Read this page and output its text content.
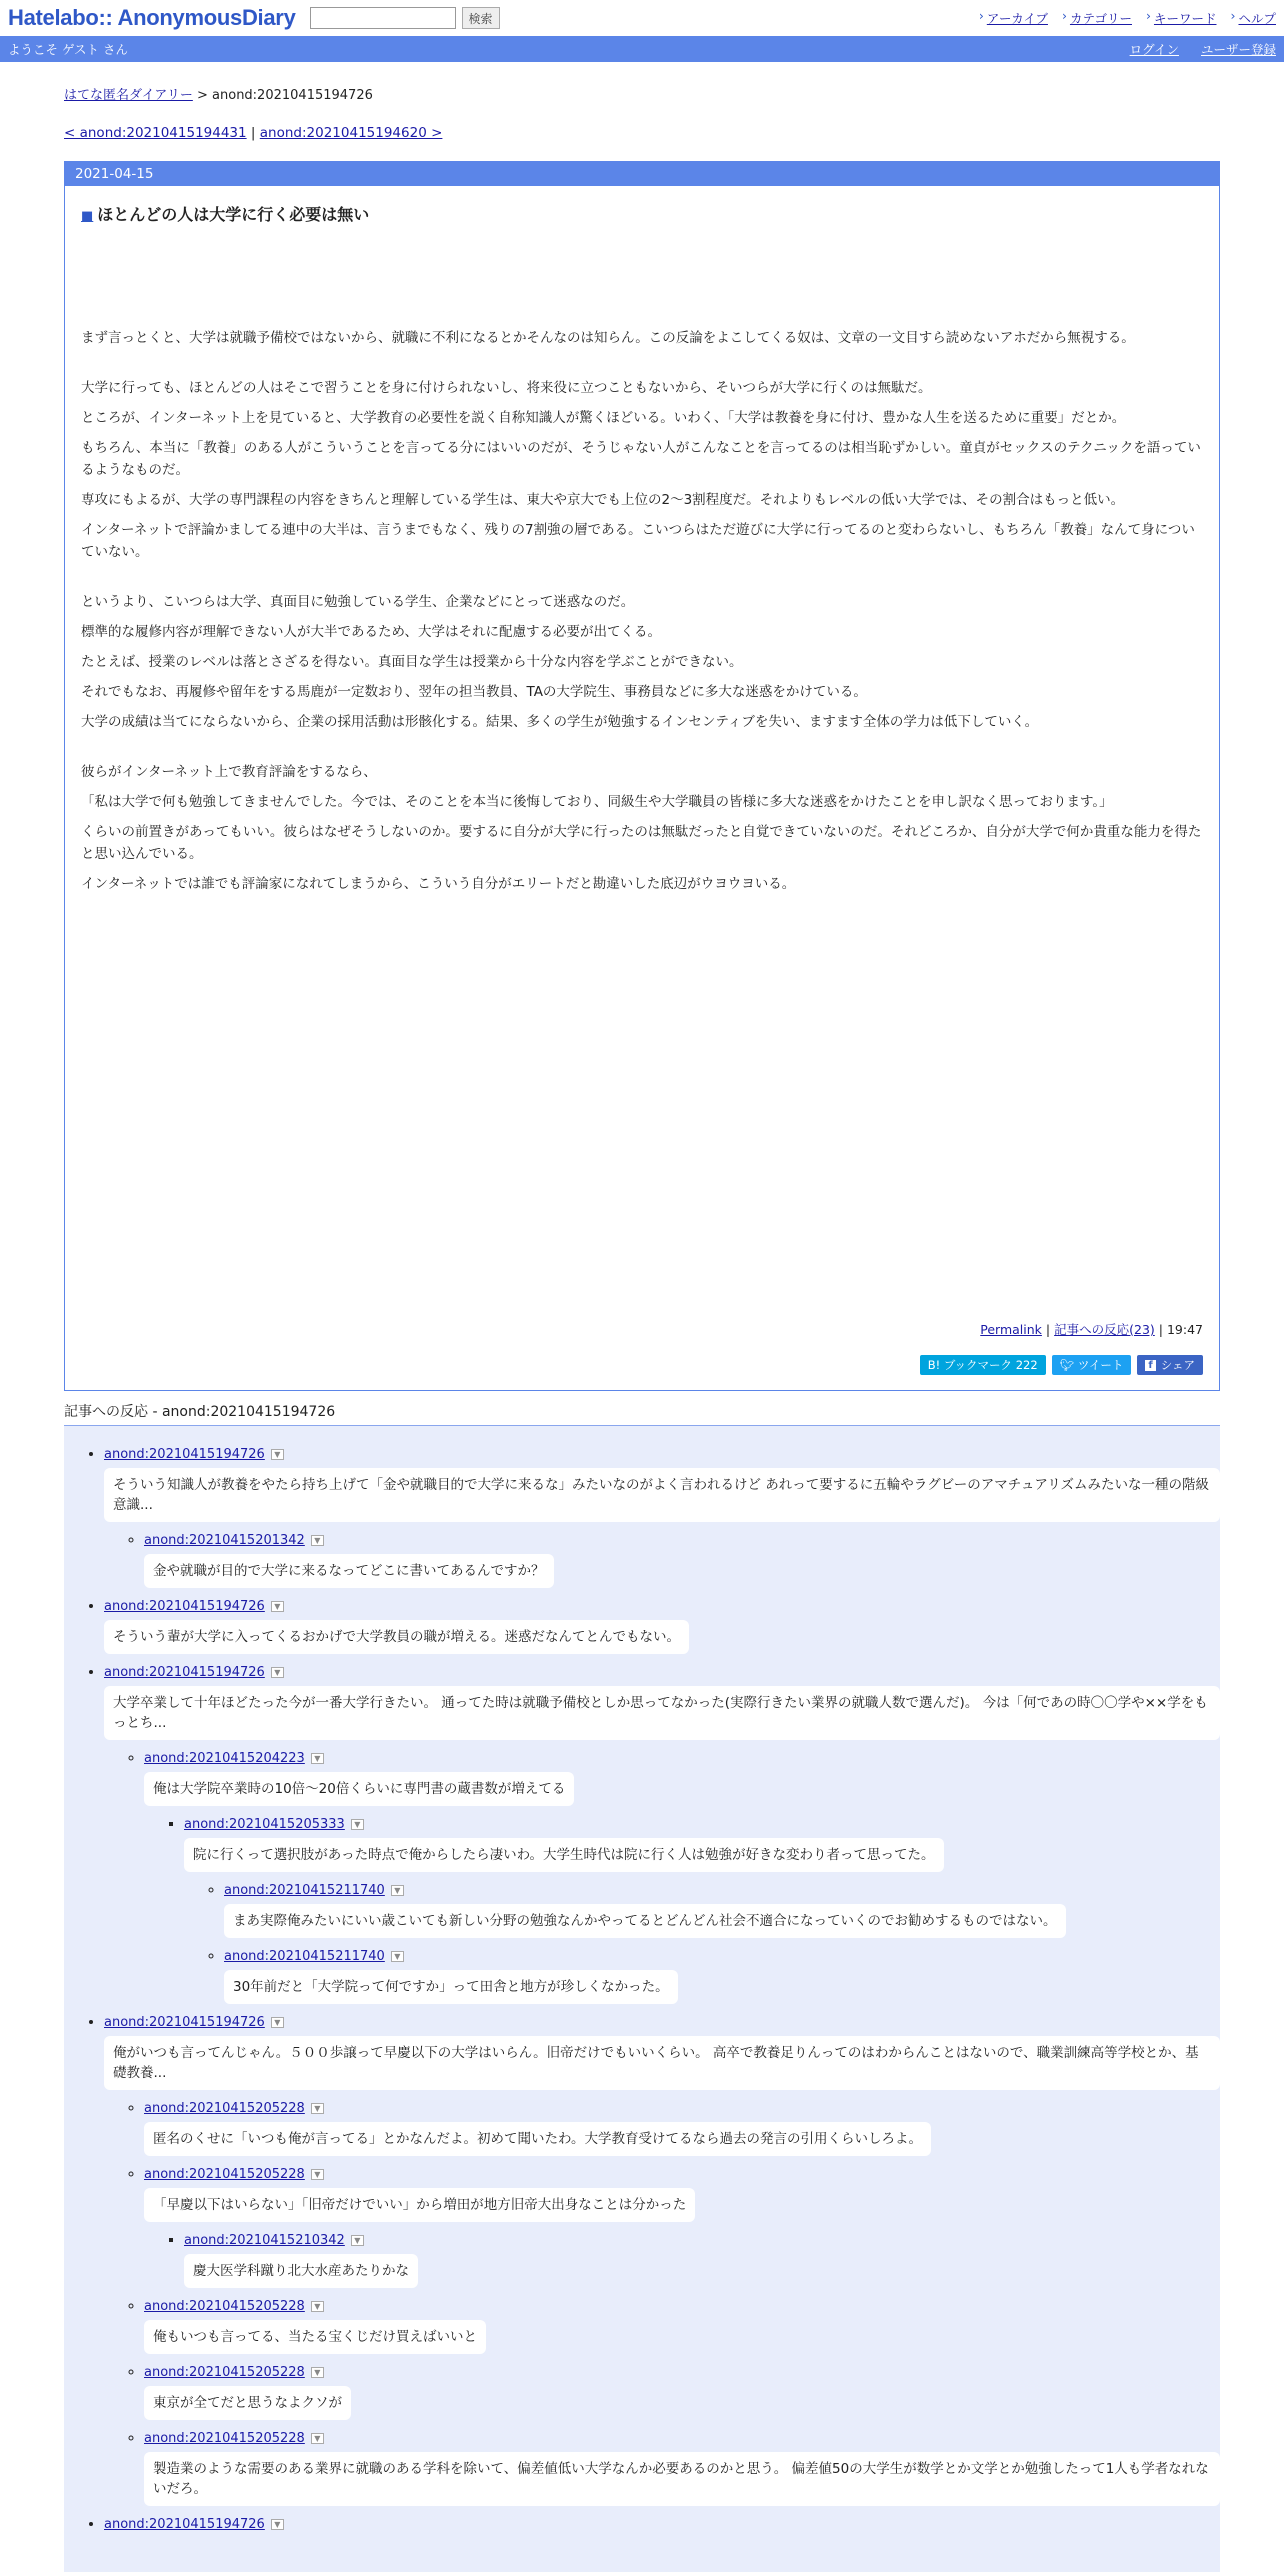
Hatelabo:: AnonymousDiary	検索	› アーカイブ	› カテゴリー	› キーワード	› ヘルプ
ようこそ ゲスト さん	ログイン ユーザー登録
はてな匿名ダイアリー > anond:20210415194726
< anond:20210415194431 | anond:20210415194620 >
2021-04-15
■ ほとんどの人は大学に行く必要は無い

まず言っとくと、大学は就職予備校ではないから、就職に不利になるとかそんなのは知らん。この反論をよこしてくる奴は、文章の一文目すら読めないアホだから無視する。

大学に行っても、ほとんどの人はそこで習うことを身に付けられないし、将来役に立つこともないから、そいつらが大学に行くのは無駄だ。

ところが、インターネット上を見ていると、大学教育の必要性を説く自称知識人が驚くほどいる。いわく、「大学は教養を身に付け、豊かな人生を送るために重要」だとか。

もちろん、本当に「教養」のある人がこういうことを言ってる分にはいいのだが、そうじゃない人がこんなことを言ってるのは相当恥ずかしい。童貞がセックスのテクニックを語っているようなものだ。

専攻にもよるが、大学の専門課程の内容をきちんと理解している学生は、東大や京大でも上位の2〜3割程度だ。それよりもレベルの低い大学では、その割合はもっと低い。

インターネットで評論かましてる連中の大半は、言うまでもなく、残りの7割強の層である。こいつらはただ遊びに大学に行ってるのと変わらないし、もちろん「教養」なんて身についていない。

というより、こいつらは大学、真面目に勉強している学生、企業などにとって迷惑なのだ。

標準的な履修内容が理解できない人が大半であるため、大学はそれに配慮する必要が出てくる。

たとえば、授業のレベルは落とさざるを得ない。真面目な学生は授業から十分な内容を学ぶことができない。

それでもなお、再履修や留年をする馬鹿が一定数おり、翌年の担当教員、TAの大学院生、事務員などに多大な迷惑をかけている。

大学の成績は当てにならないから、企業の採用活動は形骸化する。結果、多くの学生が勉強するインセンティブを失い、ますます全体の学力は低下していく。

彼らがインターネット上で教育評論をするなら、

「私は大学で何も勉強してきませんでした。今では、そのことを本当に後悔しており、同級生や大学職員の皆様に多大な迷惑をかけたことを申し訳なく思っております。」

くらいの前置きがあってもいい。彼らはなぜそうしないのか。要するに自分が大学に行ったのは無駄だったと自覚できていないのだ。それどころか、自分が大学で何か貴重な能力を得たと思い込んでいる。

インターネットでは誰でも評論家になれてしまうから、こういう自分がエリートだと勘違いした底辺がウヨウヨいる。

Permalink | 記事への反応(23) | 19:47
B! ブックマーク 222	🐦︎ ツイート	f シェア
記事への反応 - anond:20210415194726
• anond:20210415194726 ▼
そういう知識人が教養をやたら持ち上げて「金や就職目的で大学に来るな」みたいなのがよく言われるけど あれって要するに五輪やラグビーのアマチュアリズムみたいな一種の階級意識...
◦ anond:20210415201342 ▼
金や就職が目的で大学に来るなってどこに書いてあるんですか？
• anond:20210415194726 ▼
そういう輩が大学に入ってくるおかげで大学教員の職が増える。迷惑だなんてとんでもない。
• anond:20210415194726 ▼
大学卒業して十年ほどたった今が一番大学行きたい。 通ってた時は就職予備校としか思ってなかった(実際行きたい業界の就職人数で選んだ)。 今は「何であの時〇〇学や××学をもっとち...
◦ anond:20210415204223 ▼
俺は大学院卒業時の10倍〜20倍くらいに専門書の蔵書数が増えてる
▪ anond:20210415205333 ▼
院に行くって選択肢があった時点で俺からしたら凄いわ。大学生時代は院に行く人は勉強が好きな変わり者って思ってた。
◦ anond:20210415211740 ▼
まあ実際俺みたいにいい歳こいても新しい分野の勉強なんかやってるとどんどん社会不適合になっていくのでお勧めするものではない。
◦ anond:20210415211740 ▼
30年前だと「大学院って何ですか」って田舎と地方が珍しくなかった。
• anond:20210415194726 ▼
俺がいつも言ってんじゃん。５００歩譲って早慶以下の大学はいらん。旧帝だけでもいいくらい。 高卒で教養足りんってのはわからんことはないので、職業訓練高等学校とか、基礎教養...
◦ anond:20210415205228 ▼
匿名のくせに「いつも俺が言ってる」とかなんだよ。初めて聞いたわ。大学教育受けてるなら過去の発言の引用くらいしろよ。
◦ anond:20210415205228 ▼
「早慶以下はいらない」「旧帝だけでいい」から増田が地方旧帝大出身なことは分かった
▪ anond:20210415210342 ▼
慶大医学科蹴り北大水産あたりかな
◦ anond:20210415205228 ▼
俺もいつも言ってる、当たる宝くじだけ買えばいいと
◦ anond:20210415205228 ▼
東京が全てだと思うなよクソが
◦ anond:20210415205228 ▼
製造業のような需要のある業界に就職のある学科を除いて、偏差値低い大学なんか必要あるのかと思う。 偏差値50の大学生が数学とか文学とか勉強したって1人も学者なれないだろ。
• anond:20210415194726 ▼
